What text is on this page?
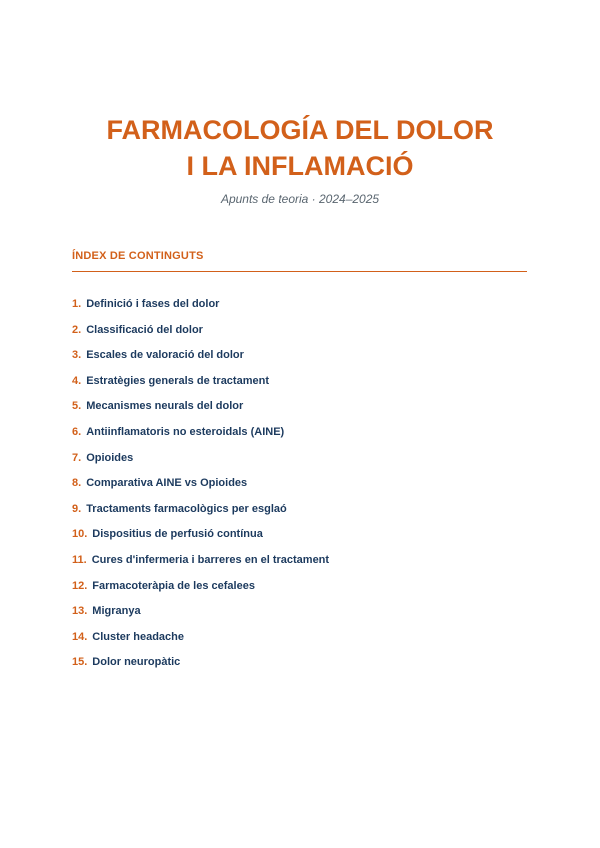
FARMACOLOGÍA DEL DOLOR
I LA INFLAMACIÓ
Apunts de teoria · 2024–2025
ÍNDEX DE CONTINGUTS
1. Definició i fases del dolor
2. Classificació del dolor
3. Escales de valoració del dolor
4. Estratègies generals de tractament
5. Mecanismes neurals del dolor
6. Antiinflamatoris no esteroidals (AINE)
7. Opioides
8. Comparativa AINE vs Opioides
9. Tractaments farmacològics per esglaó
10. Dispositius de perfusió contínua
11. Cures d'infermeria i barreres en el tractament
12. Farmacoteràpia de les cefalees
13. Migranya
14. Cluster headache
15. Dolor neuropàtic
